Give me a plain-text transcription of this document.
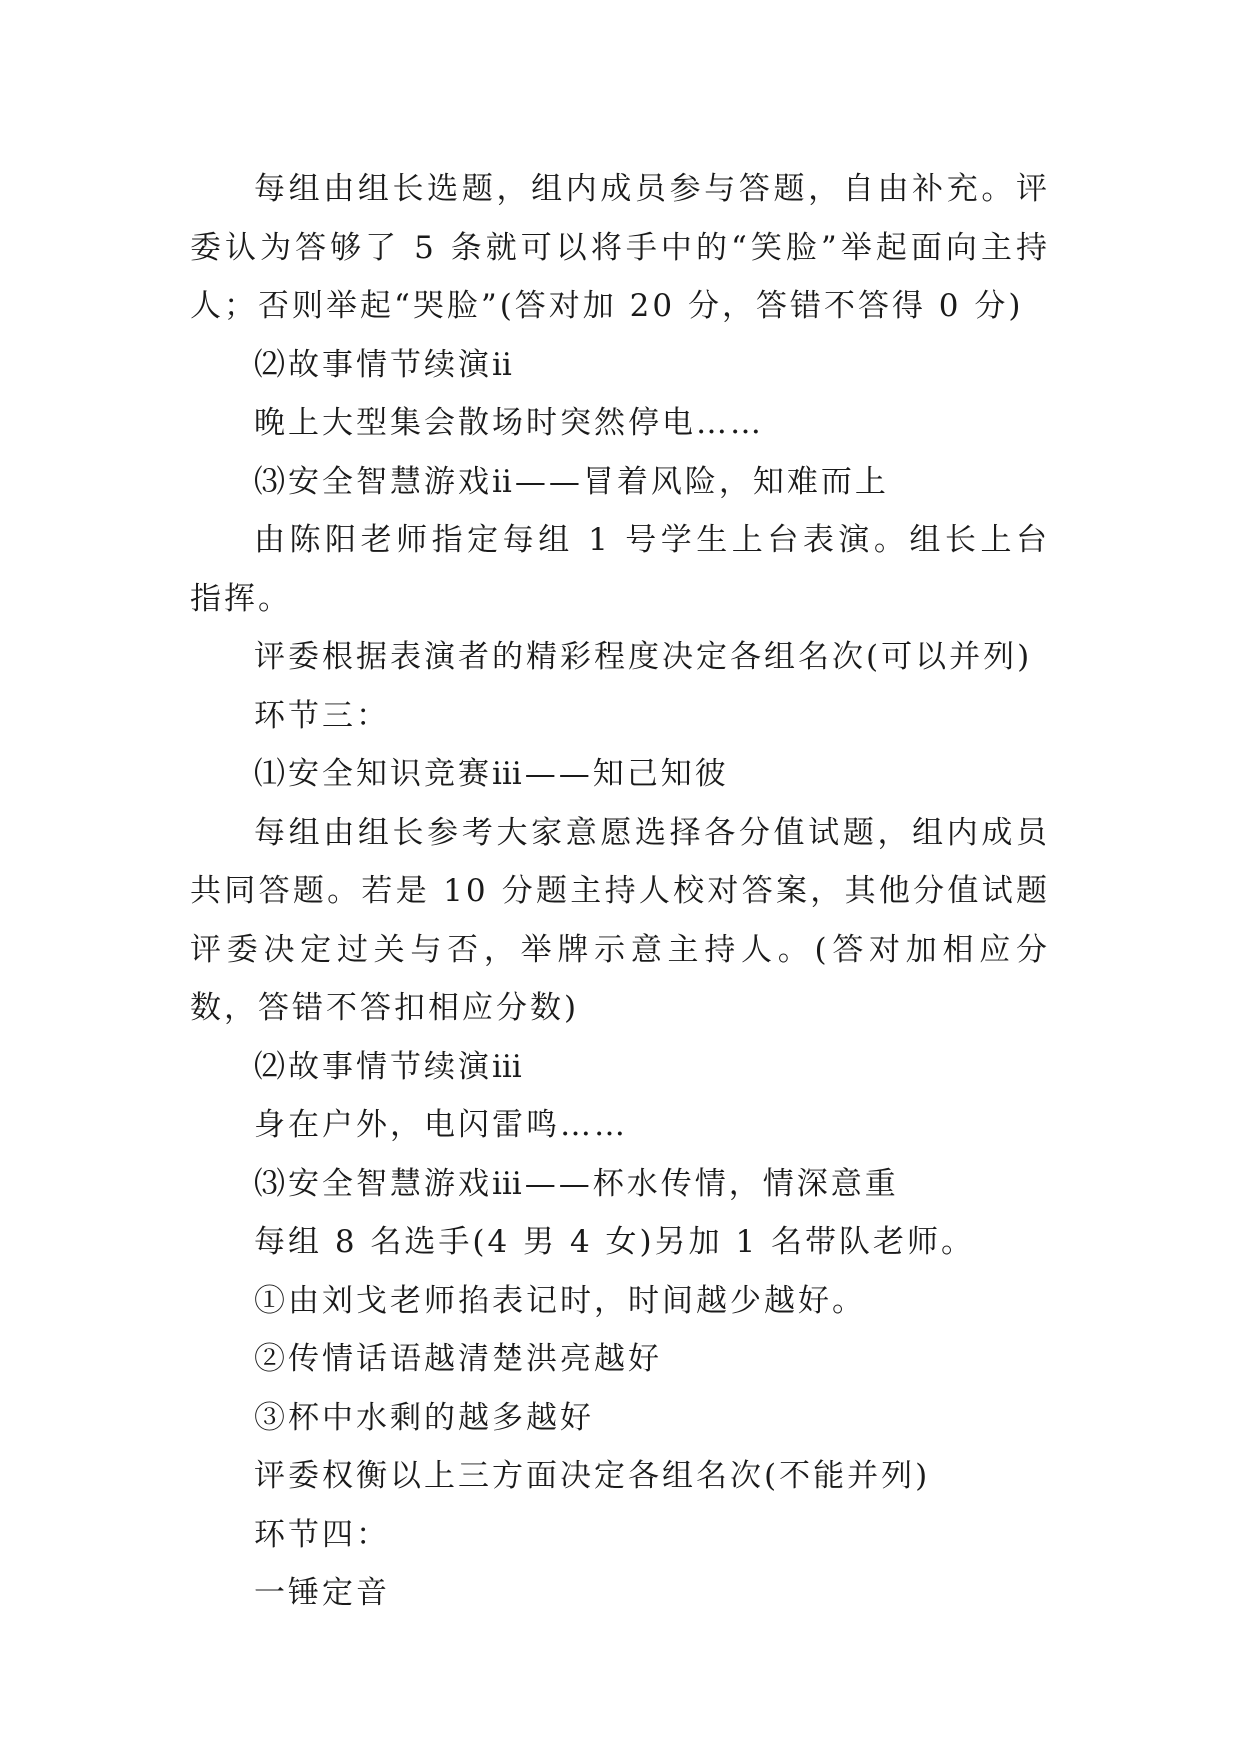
每组由组长选题，组内成员参与答题，自由补充。评委认为答够了 5 条就可以将手中的“笑脸”举起面向主持人；否则举起“哭脸”(答对加 20 分，答错不答得 0 分)

⑵故事情节续演ⅱ

晚上大型集会散场时突然停电……

⑶安全智慧游戏ⅱ——冒着风险，知难而上

由陈阳老师指定每组 1 号学生上台表演。组长上台指挥。

评委根据表演者的精彩程度决定各组名次(可以并列)

环节三：

⑴安全知识竞赛ⅲ——知己知彼

每组由组长参考大家意愿选择各分值试题，组内成员共同答题。若是 10 分题主持人校对答案，其他分值试题评委决定过关与否，举牌示意主持人。(答对加相应分数，答错不答扣相应分数)

⑵故事情节续演ⅲ

身在户外，电闪雷鸣……

⑶安全智慧游戏ⅲ——杯水传情，情深意重

每组 8 名选手(4 男 4 女)另加 1 名带队老师。

①由刘戈老师掐表记时，时间越少越好。

②传情话语越清楚洪亮越好

③杯中水剩的越多越好

评委权衡以上三方面决定各组名次(不能并列)

环节四：

一锤定音
